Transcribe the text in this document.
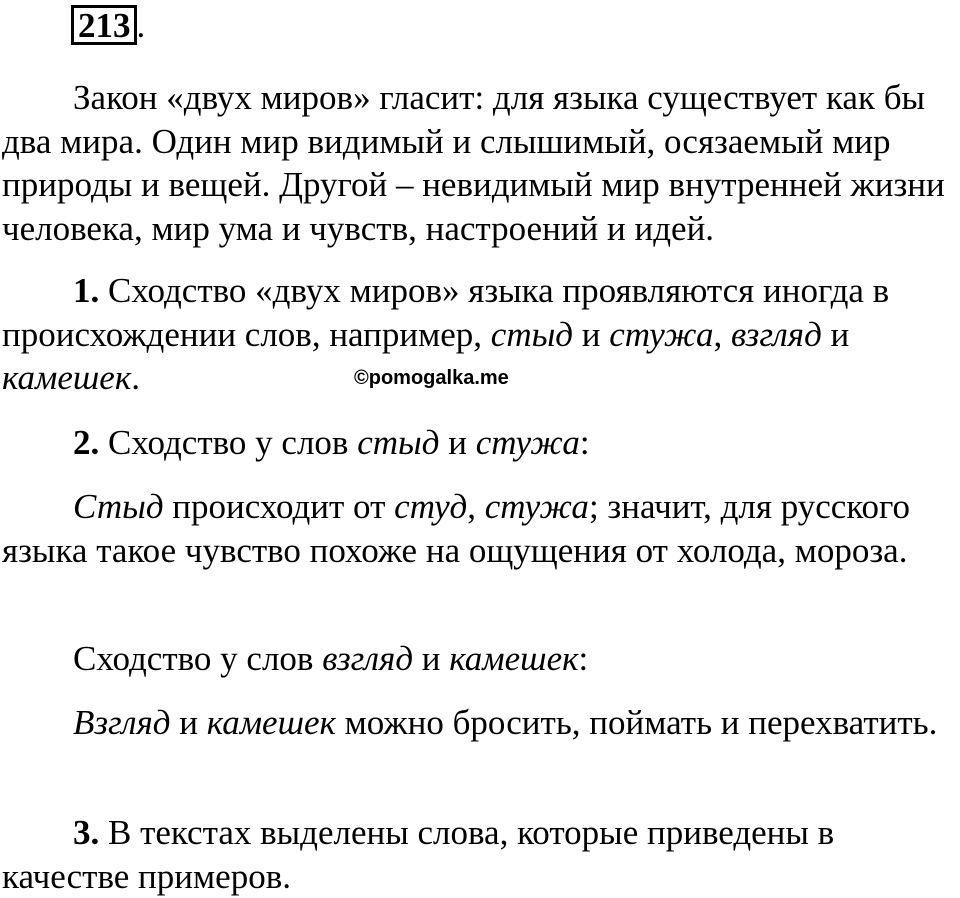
213 .

Закон «двух миров» гласит: для языка существует как бы два мира. Один мир видимый и слышимый, осязаемый мир природы и вещей. Другой – невидимый мир внутренней жизни человека, мир ума и чувств, настроений и идей.

1. Сходство «двух миров» языка проявляются иногда в происхождении слов, например, стыд и стужа, взгляд и камешек.	©pomogalka.me

2. Сходство у слов стыд и стужа:

Стыд происходит от студ, стужа; значит, для русского языка такое чувство похоже на ощущения от холода, мороза.

Сходство у слов взгляд и камешек:

Взгляд и камешек можно бросить, поймать и перехватить.

3. В текстах выделены слова, которые приведены в качестве примеров.
